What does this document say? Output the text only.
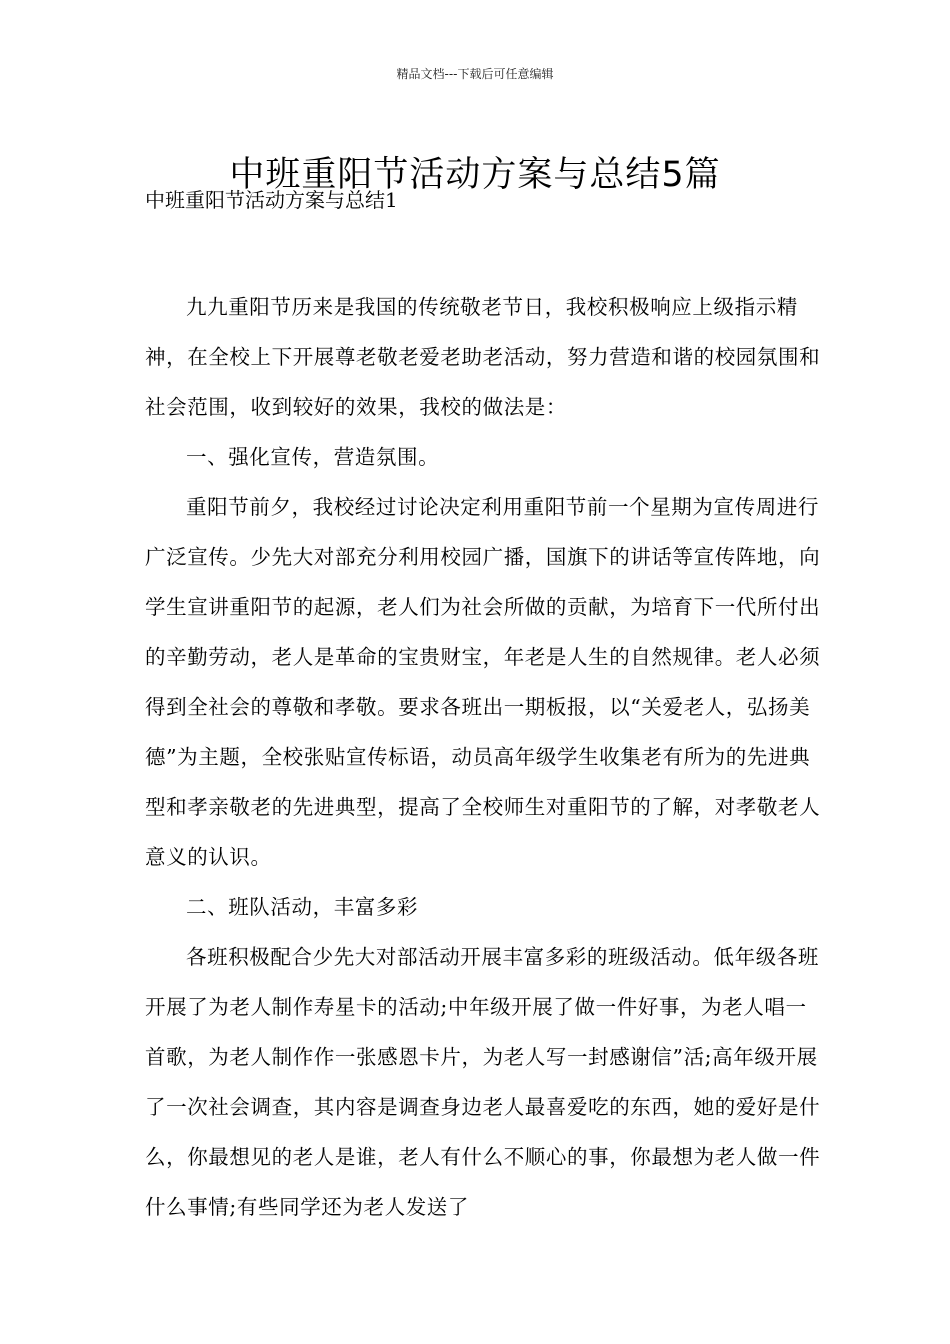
精品文档---下载后可任意编辑
中班重阳节活动方案与总结5篇
中班重阳节活动方案与总结1

九九重阳节历来是我国的传统敬老节日，我校积极响应上级指示精神，在全校上下开展尊老敬老爱老助老活动，努力营造和谐的校园氛围和社会范围，收到较好的效果，我校的做法是：

一、强化宣传，营造氛围。

重阳节前夕，我校经过讨论决定利用重阳节前一个星期为宣传周进行广泛宣传。少先大对部充分利用校园广播，国旗下的讲话等宣传阵地，向学生宣讲重阳节的起源，老人们为社会所做的贡献，为培育下一代所付出的辛勤劳动，老人是革命的宝贵财宝，年老是人生的自然规律。老人必须得到全社会的尊敬和孝敬。要求各班出一期板报，以“关爱老人，弘扬美德”为主题，全校张贴宣传标语，动员高年级学生收集老有所为的先进典型和孝亲敬老的先进典型，提高了全校师生对重阳节的了解，对孝敬老人意义的认识。

二、班队活动，丰富多彩

各班积极配合少先大对部活动开展丰富多彩的班级活动。低年级各班开展了为老人制作寿星卡的活动;中年级开展了做一件好事，为老人唱一首歌，为老人制作作一张感恩卡片，为老人写一封感谢信”活;高年级开展了一次社会调查，其内容是调查身边老人最喜爱吃的东西，她的爱好是什么，你最想见的老人是谁，老人有什么不顺心的事，你最想为老人做一件什么事情;有些同学还为老人发送了
